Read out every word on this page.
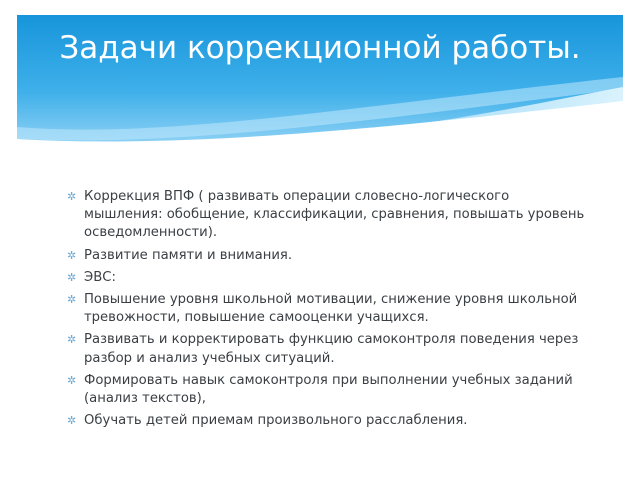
Задачи коррекционной работы.
✲ Коррекция ВПФ ( развивать операции словесно-логического мышления: обобщение, классификации, сравнения, повышать уровень осведомленности).
✲ Развитие памяти и внимания.
✲ ЭВС:
✲ Повышение уровня школьной мотивации, снижение уровня школьной тревожности, повышение самооценки учащихся.
✲ Развивать и корректировать функцию самоконтроля поведения через разбор и анализ учебных ситуаций.
✲ Формировать навык самоконтроля при выполнении учебных заданий (анализ текстов),
✲ Обучать детей приемам произвольного расслабления.
